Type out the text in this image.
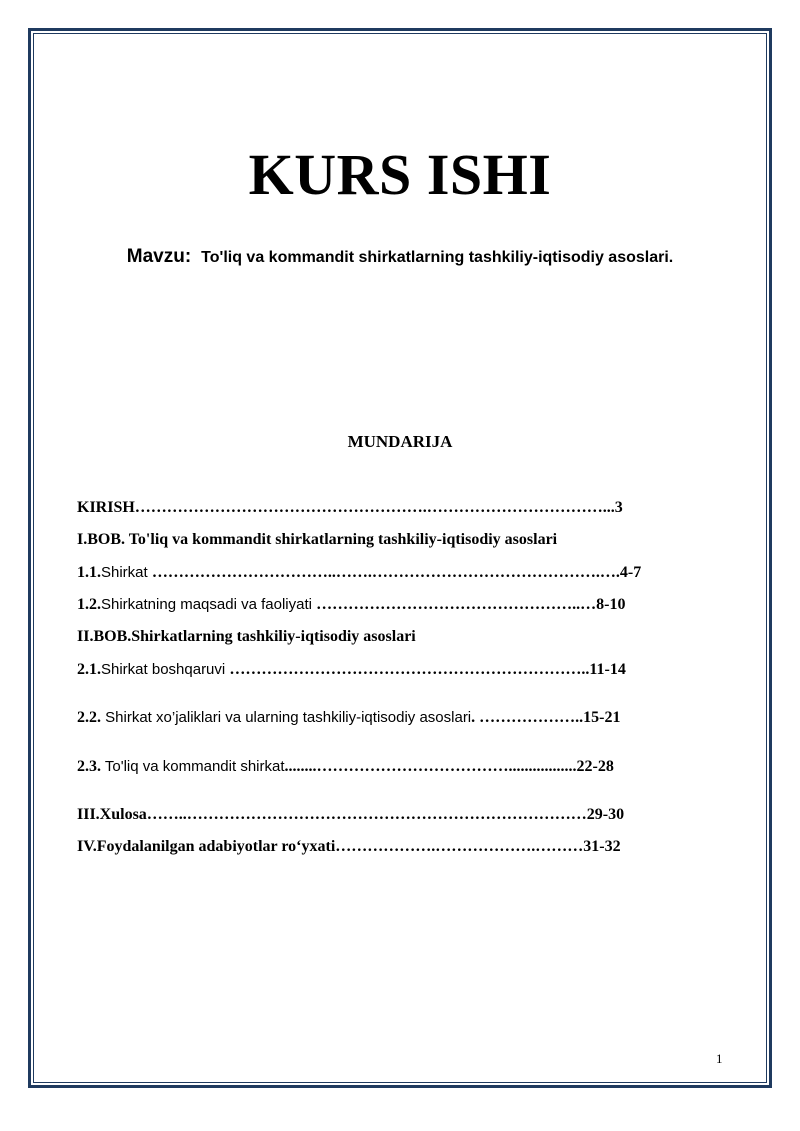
KURS ISHI
Mavzu: To'liq va kommandit shirkatlarning tashkiliy-iqtisodiy asoslari.
MUNDARIJA
KIRISH……………………………………………….……………………………...3
I.BOB. To'liq va kommandit shirkatlarning tashkiliy-iqtisodiy asoslari
1.1.Shirkat ……………………………..…….…………………………………….….4-7
1.2.Shirkatning maqsadi va faoliyati …………………………………………..…8-10
II.BOB.Shirkatlarning tashkiliy-iqtisodiy asoslari
2.1.Shirkat boshqaruvi …………………………………………………………..11-14
2.2. Shirkat xo’jaliklari va ularning tashkiliy-iqtisodiy asoslari. ………………..15-21
2.3. To'liq va kommandit shirkat........……………………………….................22-28
III.Xulosa……..…………………………………………………………………29-30
IV.Foydalanilgan adabiyotlar ro‘yxati……………….……………….………31-32
1
